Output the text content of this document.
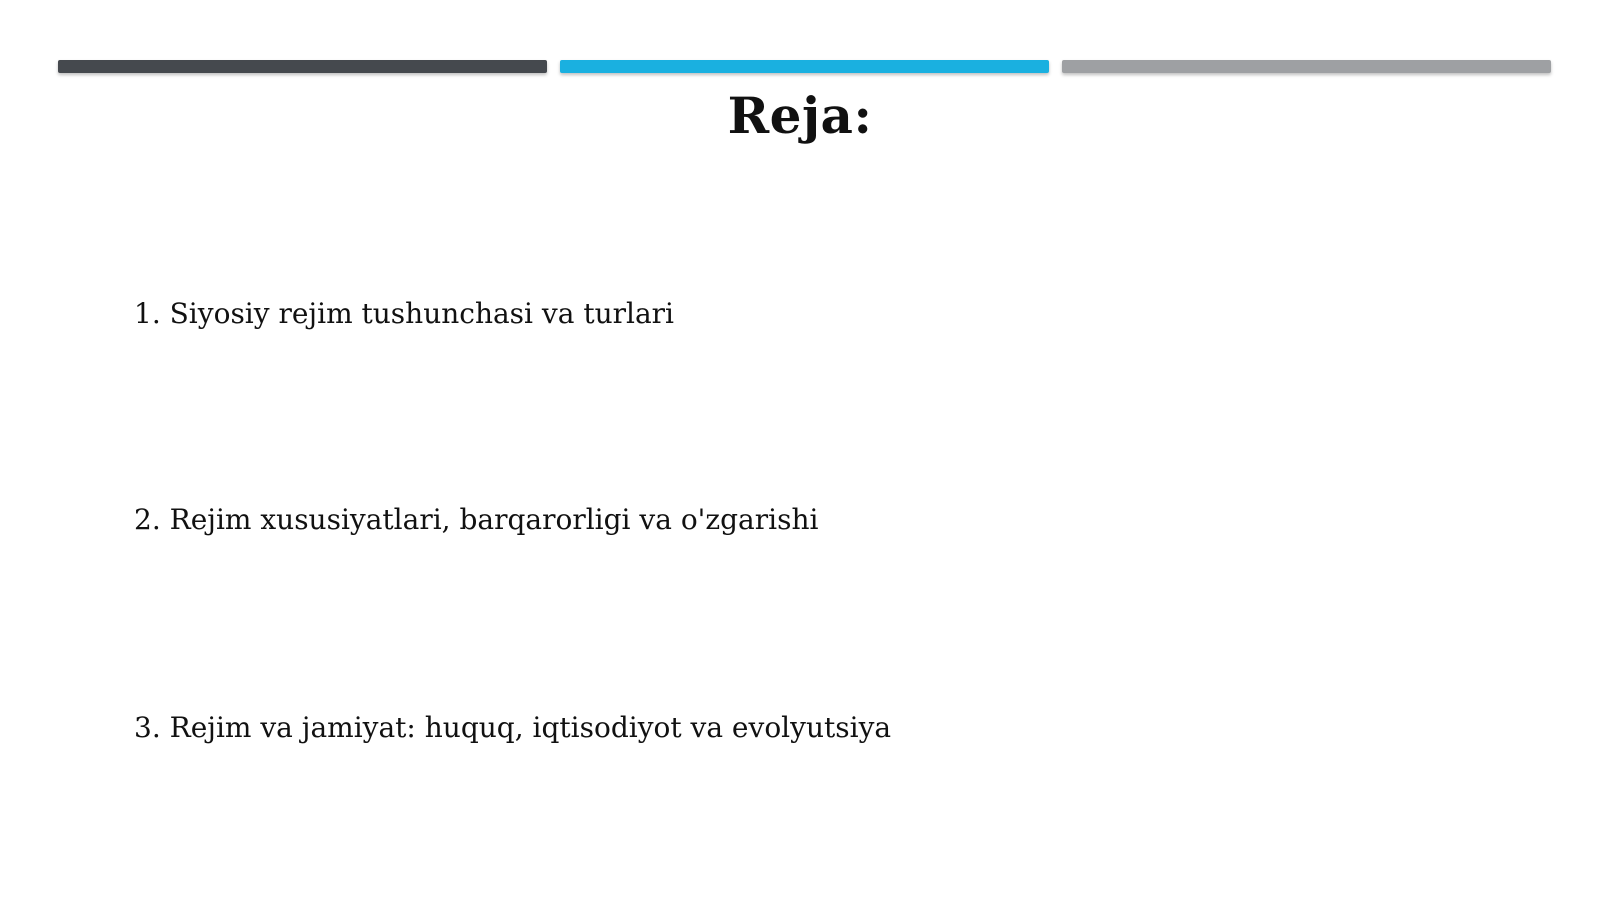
Reja:
1. Siyosiy rejim tushunchasi va turlari
2. Rejim xususiyatlari, barqarorligi va o'zgarishi
3. Rejim va jamiyat: huquq, iqtisodiyot va evolyutsiya
